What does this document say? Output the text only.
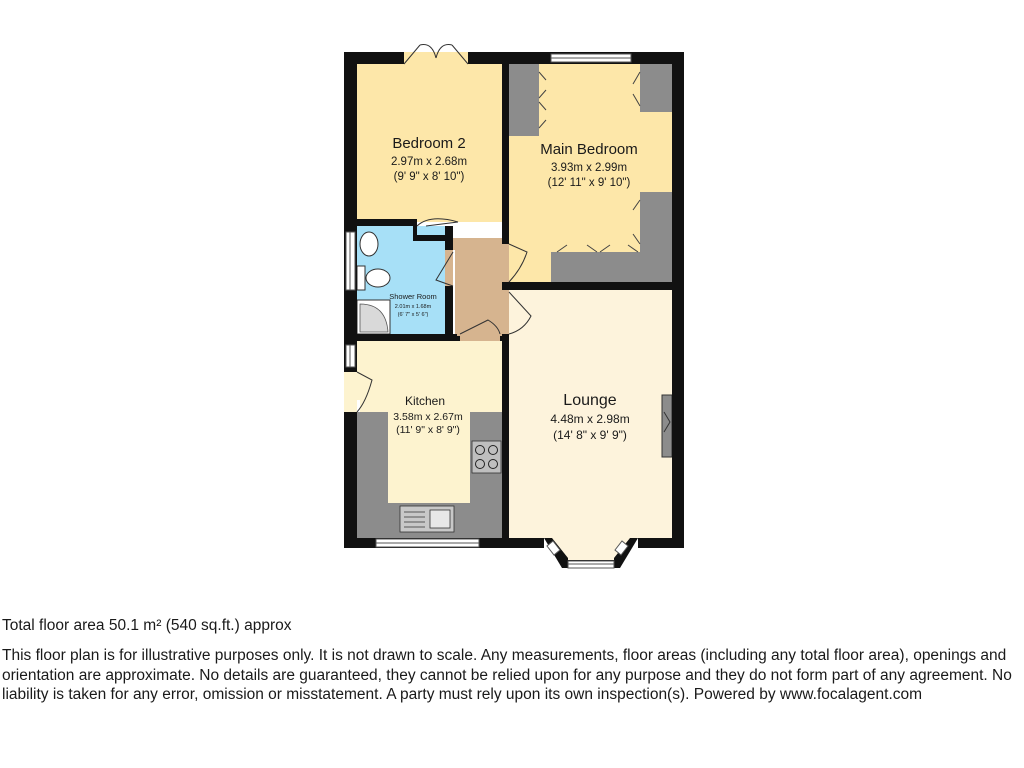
Bedroom 2
2.97m x 2.68m
(9' 9" x 8' 10")
Main Bedroom
3.93m x 2.99m
(12' 11" x 9' 10")
Shower Room
2.01m x 1.68m
(6' 7" x 5' 6")
Kitchen
3.58m x 2.67m
(11' 9" x 8' 9")
Lounge
4.48m x 2.98m
(14' 8" x 9' 9")

Total floor area 50.1 m² (540 sq.ft.) approx

This floor plan is for illustrative purposes only. It is not drawn to scale. Any measurements, floor areas (including any total floor area), openings and orientation are approximate. No details are guaranteed, they cannot be relied upon for any purpose and they do not form part of any agreement. No liability is taken for any error, omission or misstatement. A party must rely upon its own inspection(s). Powered by www.focalagent.com
